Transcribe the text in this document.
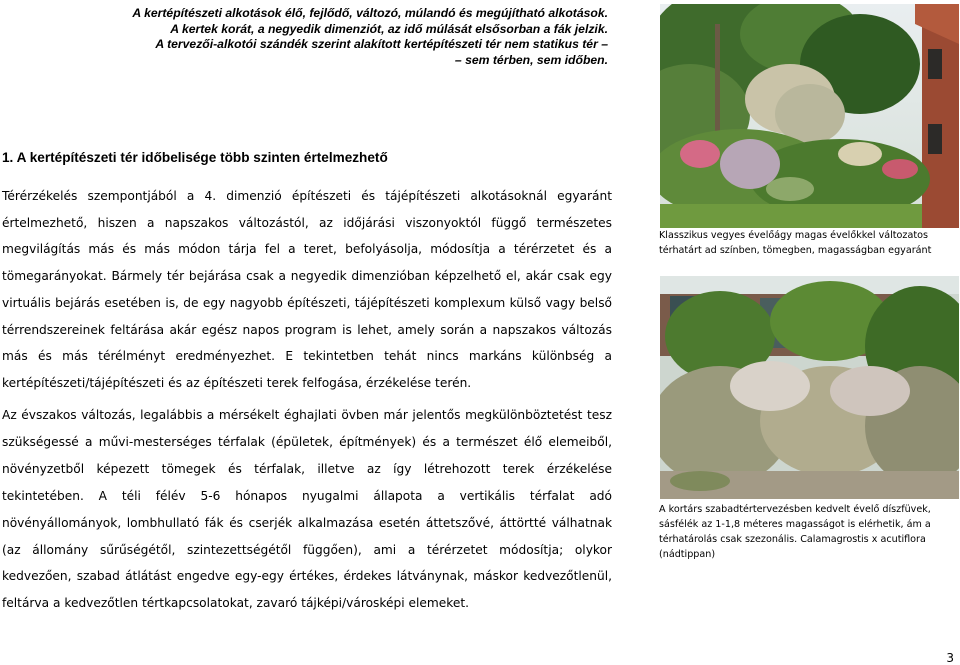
A kertépítészeti alkotások élő, fejlődő, változó, múlandó és megújítható alkotások.
A kertek korát, a negyedik dimenziót, az idő múlását elsősorban a fák jelzik.
A tervezői-alkotói szándék szerint alakított kertépítészeti tér nem statikus tér –
– sem térben, sem időben.
1. A kertépítészeti tér időbelisége több szinten értelmezhető
Térérzékelés szempontjából a 4. dimenzió építészeti és tájépítészeti alkotásoknál egyaránt értelmezhető, hiszen a napszakos változástól, az időjárási viszonyoktól függő természetes megvilágítás más és más módon tárja fel a teret, befolyásolja, módosítja a térérzetet és a tömegarányokat. Bármely tér bejárása csak a negyedik dimenzióban képzelhető el, akár csak egy virtuális bejárás esetében is, de egy nagyobb építészeti, tájépítészeti komplexum külső vagy belső térrendszereinek feltárása akár egész napos program is lehet, amely során a napszakos változás más és más térélményt eredményezhet. E tekintetben tehát nincs markáns különbség a kertépítészeti/tájépítészeti és az építészeti terek felfogása, érzékelése terén.
Az évszakos változás, legalábbis a mérsékelt éghajlati övben már jelentős megkülönböztetést tesz szükségessé a művi-mesterséges térfalak (épületek, építmények) és a természet élő elemeiből, növényzetből képezett tömegek és térfalak, illetve az így létrehozott terek érzékelése tekintetében. A téli félév 5-6 hónapos nyugalmi állapota a vertikális térfalat adó növényállományok, lombhullató fák és cserjék alkalmazása esetén áttetszővé, áttörtté válhatnak (az állomány sűrűségétől, szintezettségétől függően), ami a térérzetet módosítja; olykor kedvezően, szabad átlátást engedve egy-egy értékes, érdekes látványnak, máskor kedvezőtlenül, feltárva a kedvezőtlen tértkapcsolatokat, zavaró tájképi/városképi elemeket.
Klasszikus vegyes évelőágy magas évelőkkel változatos térhatárt ad színben, tömegben, magasságban egyaránt
A kortárs szabadtértervezésben kedvelt évelő díszfüvek, sásfélék az 1-1,8 méteres magasságot is elérhetik, ám a térhatárolás csak szezonális. Calamagrostis x acutiflora (nádtippan)
3
